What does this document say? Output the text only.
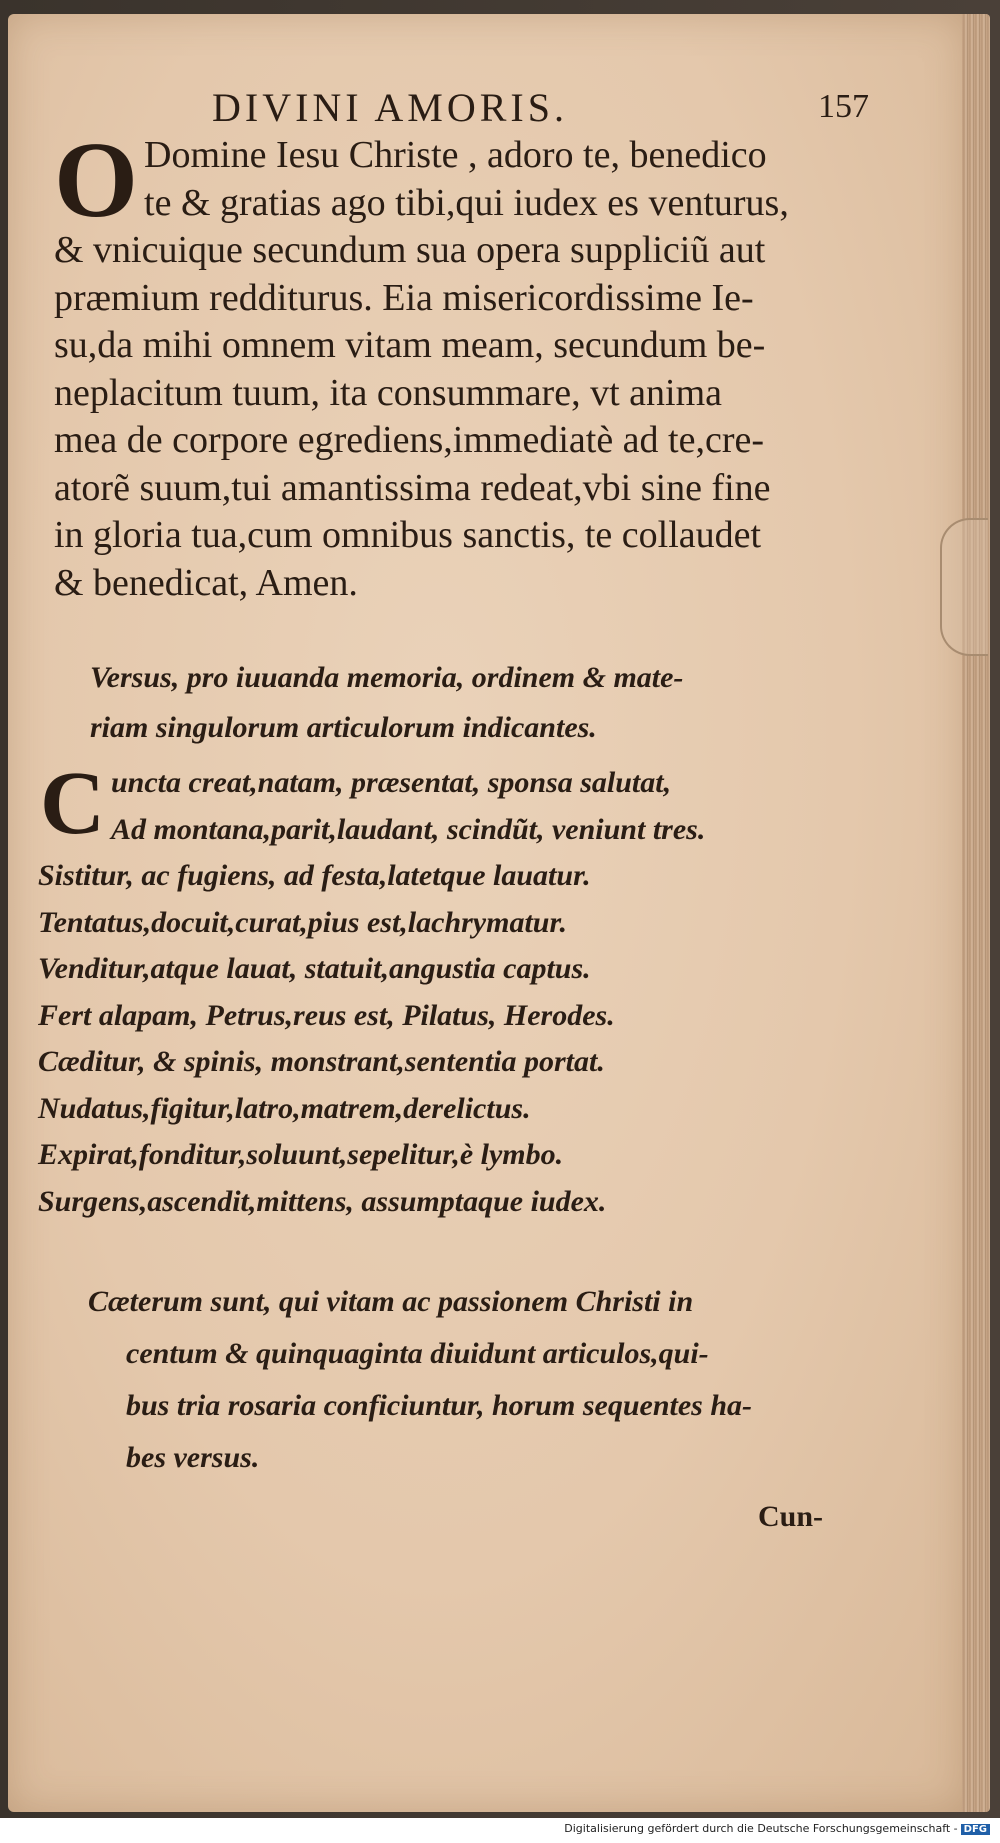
DIVINI AMORIS.	157
O Domine Iesu Christe , adoro te, benedico
te & gratias ago tibi,qui iudex es venturus,
& vnicuique secundum sua opera suppliciũ aut
præmium redditurus. Eia misericordissime Ie-
su,da mihi omnem vitam meam, secundum be-
neplacitum tuum, ita consummare, vt anima
mea de corpore egrediens,immediatè ad te,cre-
atorẽ suum,tui amantissima redeat,vbi sine fine
in gloria tua,cum omnibus sanctis, te collaudet
& benedicat, Amen.
Versus, pro iuuanda memoria, ordinem & mate-
riam singulorum articulorum indicantes.
C uncta creat,natam, præsentat, sponsa salutat,
Ad montana,parit,laudant, scindũt, veniunt tres.
Sistitur, ac fugiens, ad festa,latetque lauatur.
Tentatus,docuit,curat,pius est,lachrymatur.
Venditur,atque lauat, statuit,angustia captus.
Fert alapam, Petrus,reus est, Pilatus, Herodes.
Cæditur, & spinis, monstrant,sententia portat.
Nudatus,figitur,latro,matrem,derelictus.
Expirat,fonditur,soluunt,sepelitur,è lymbo.
Surgens,ascendit,mittens, assumptaque iudex.
Cæterum sunt, qui vitam ac passionem Christi in
centum & quinquaginta diuidunt articulos,qui-
bus tria rosaria conficiuntur, horum sequentes ha-
bes versus.
Cun-
Digitalisierung gefördert durch die Deutsche Forschungsgemeinschaft - DFG
